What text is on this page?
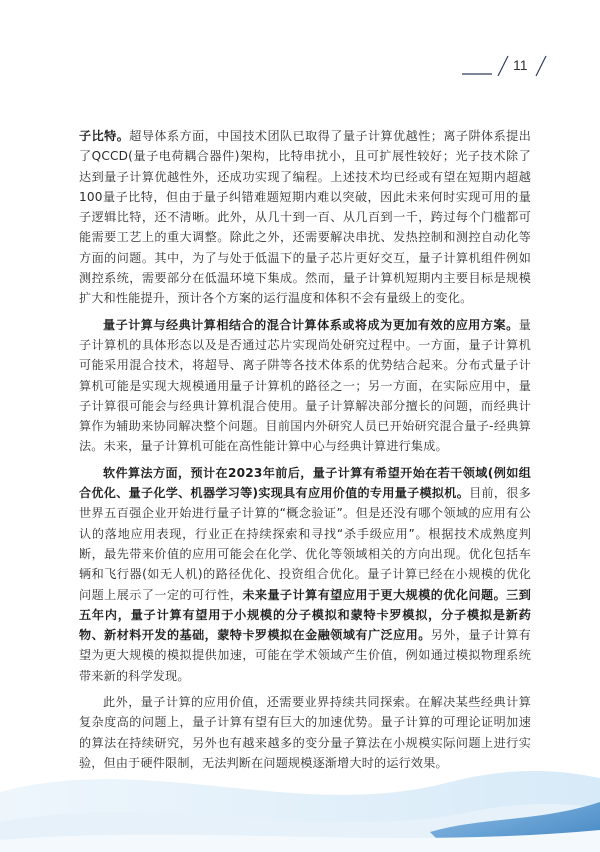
11

子比特。超导体系方面，中国技术团队已取得了量子计算优越性；离子阱体系提出了QCCD(量子电荷耦合器件)架构，比特串扰小，且可扩展性较好；光子技术除了达到量子计算优越性外，还成功实现了编程。上述技术均已经或有望在短期内超越100量子比特，但由于量子纠错难题短期内难以突破，因此未来何时实现可用的量子逻辑比特，还不清晰。此外，从几十到一百、从几百到一千，跨过每个门槛都可能需要工艺上的重大调整。除此之外，还需要解决串扰、发热控制和测控自动化等方面的问题。其中，为了与处于低温下的量子芯片更好交互，量子计算机组件例如测控系统，需要部分在低温环境下集成。然而，量子计算机短期内主要目标是规模扩大和性能提升，预计各个方案的运行温度和体积不会有量级上的变化。

量子计算与经典计算相结合的混合计算体系或将成为更加有效的应用方案。量子计算机的具体形态以及是否通过芯片实现尚处研究过程中。一方面，量子计算机可能采用混合技术，将超导、离子阱等各技术体系的优势结合起来。分布式量子计算机可能是实现大规模通用量子计算机的路径之一；另一方面，在实际应用中，量子计算很可能会与经典计算机混合使用。量子计算解决部分擅长的问题，而经典计算作为辅助来协同解决整个问题。目前国内外研究人员已开始研究混合量子-经典算法。未来，量子计算机可能在高性能计算中心与经典计算进行集成。

软件算法方面，预计在2023年前后，量子计算有希望开始在若干领域(例如组合优化、量子化学、机器学习等)实现具有应用价值的专用量子模拟机。目前，很多世界五百强企业开始进行量子计算的“概念验证”。但是还没有哪个领域的应用有公认的落地应用表现，行业正在持续探索和寻找“杀手级应用”。根据技术成熟度判断，最先带来价值的应用可能会在化学、优化等领域相关的方向出现。优化包括车辆和飞行器(如无人机)的路径优化、投资组合优化。量子计算已经在小规模的优化问题上展示了一定的可行性，未来量子计算有望应用于更大规模的优化问题。三到五年内，量子计算有望用于小规模的分子模拟和蒙特卡罗模拟，分子模拟是新药物、新材料开发的基础，蒙特卡罗模拟在金融领域有广泛应用。另外，量子计算有望为更大规模的模拟提供加速，可能在学术领域产生价值，例如通过模拟物理系统带来新的科学发现。

此外，量子计算的应用价值，还需要业界持续共同探索。在解决某些经典计算复杂度高的问题上，量子计算有望有巨大的加速优势。量子计算的可理论证明加速的算法在持续研究，另外也有越来越多的变分量子算法在小规模实际问题上进行实验，但由于硬件限制，无法判断在问题规模逐渐增大时的运行效果。
